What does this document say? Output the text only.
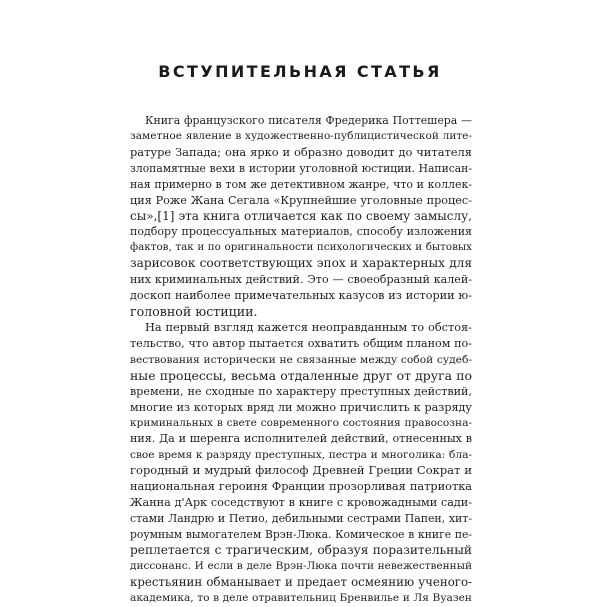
ВСТУПИТЕЛЬНАЯ СТАТЬЯ
Книга французского писателя Фредерика Поттешера —
заметное явление в художественно-публицистической лите-
ратуре Запада; она ярко и образно доводит до читателя
злопамятные вехи в истории уголовной юстиции. Написан-
ная примерно в том же детективном жанре, что и коллек-
ция Роже Жана Сегала «Крупнейшие уголовные процес-
сы»,[1] эта книга отличается как по своему замыслу,
подбору процессуальных материалов, способу изложения
фактов, так и по оригинальности психологических и бытовых
зарисовок соответствующих эпох и характерных для
них криминальных действий. Это — своеобразный калей-
доскоп наиболее примечательных казусов из истории ю-
головной юстиции.
На первый взгляд кажется неоправданным то обстоя-
тельство, что автор пытается охватить общим планом по-
вествования исторически не связанные между собой судеб-
ные процессы, весьма отдаленные друг от друга по
времени, не сходные по характеру преступных действий,
многие из которых вряд ли можно причислить к разряду
криминальных в свете современного состояния правосозна-
ния. Да и шеренга исполнителей действий, отнесенных в
свое время к разряду преступных, пестра и многолика: бла-
городный и мудрый философ Древней Греции Сократ и
национальная героиня Франции прозорливая патриотка
Жанна д'Арк соседствуют в книге с кровожадными сади-
стами Ландрю и Петио, дебильными сестрами Папен, хит-
роумным вымогателем Врэн-Люка. Комическое в книге пе-
реплетается с трагическим, образуя поразительный
диссонанс. И если в деле Врэн-Люка почти невежественный
крестьянин обманывает и предает осмеянию ученого-
академика, то в деле отравительниц Бренвилье и Ля Вуазен
